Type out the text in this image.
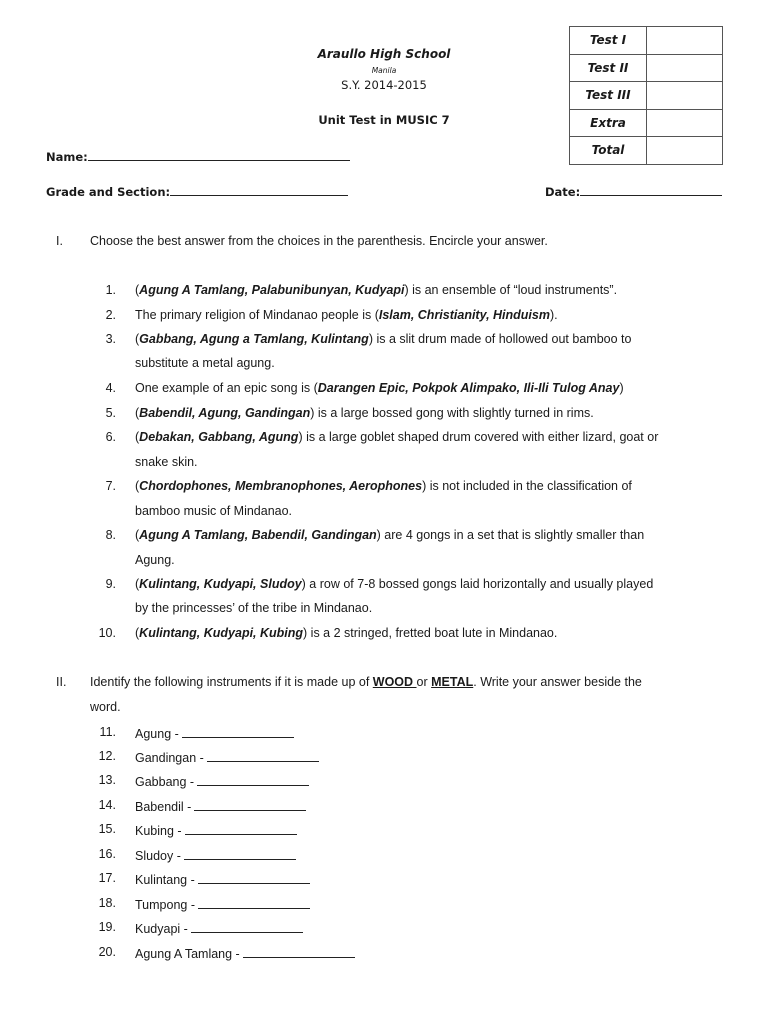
Araullo High School
Manila
S.Y. 2014-2015
Unit Test in MUSIC 7
Test I	
Test II	
Test III	
Extra	
Total	
Name:
Grade and Section:	Date:
I. Choose the best answer from the choices in the parenthesis. Encircle your answer.
1. (Agung A Tamlang, Palabunibunyan, Kudyapi) is an ensemble of “loud instruments”.
2. The primary religion of Mindanao people is (Islam, Christianity, Hinduism).
3. (Gabbang, Agung a Tamlang, Kulintang) is a slit drum made of hollowed out bamboo to
substitute a metal agung.
4. One example of an epic song is (Darangen Epic, Pokpok Alimpako, Ili-Ili Tulog Anay)
5. (Babendil, Agung, Gandingan) is a large bossed gong with slightly turned in rims.
6. (Debakan, Gabbang, Agung) is a large goblet shaped drum covered with either lizard, goat or
snake skin.
7. (Chordophones, Membranophones, Aerophones) is not included in the classification of
bamboo music of Mindanao.
8. (Agung A Tamlang, Babendil, Gandingan) are 4 gongs in a set that is slightly smaller than
Agung.
9. (Kulintang, Kudyapi, Sludoy) a row of 7-8 bossed gongs laid horizontally and usually played
by the princesses’ of the tribe in Mindanao.
10. (Kulintang, Kudyapi, Kubing) is a 2 stringed, fretted boat lute in Mindanao.
II. Identify the following instruments if it is made up of WOOD or METAL. Write your answer beside the
word.
11. Agung -
12. Gandingan -
13. Gabbang -
14. Babendil -
15. Kubing -
16. Sludoy -
17. Kulintang -
18. Tumpong -
19. Kudyapi -
20. Agung A Tamlang -
